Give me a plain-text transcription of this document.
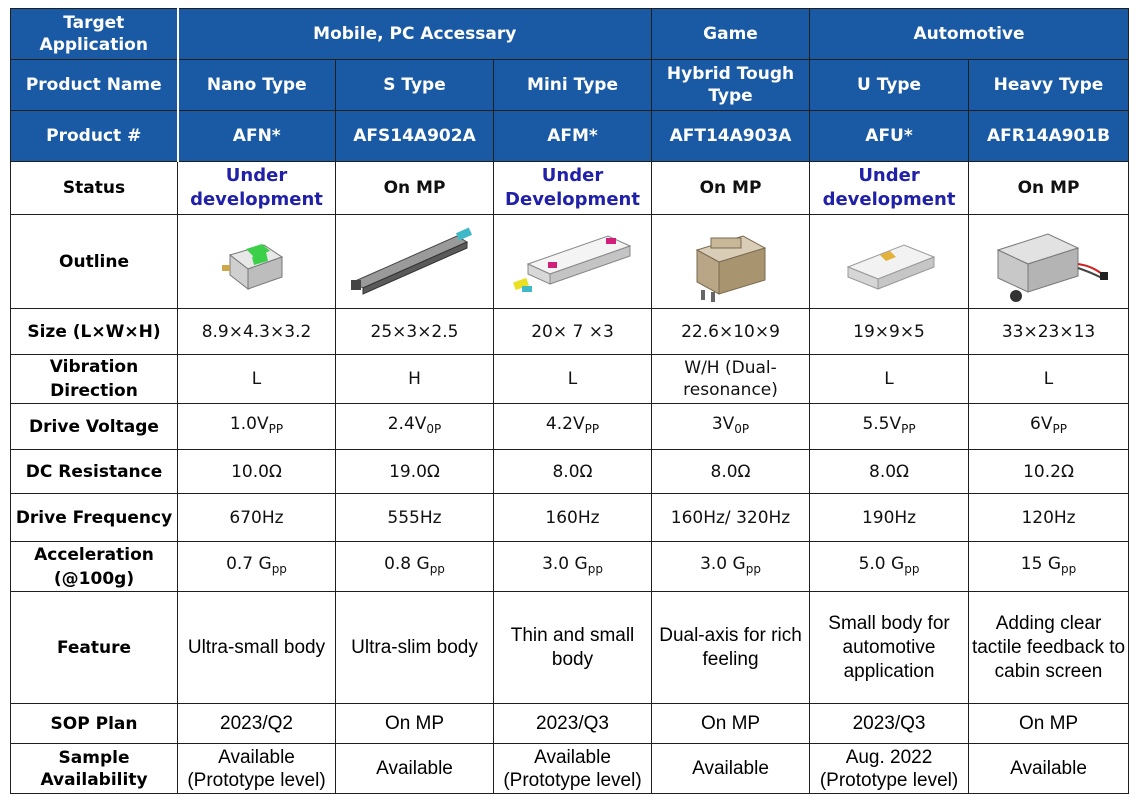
Target Application	Mobile, PC Accessary			Game	Automotive	
Product Name	Nano Type	S Type	Mini Type	Hybrid Tough Type	U Type	Heavy Type
Product #	AFN*	AFS14A902A	AFM*	AFT14A903A	AFU*	AFR14A901B
Status	Under development	On MP	Under Development	On MP	Under development	On MP
Outline	

Size (L×W×H)	8.9×4.3×3.2	25×3×2.5	20× 7 ×3	22.6×10×9	19×9×5	33×23×13
Vibration Direction	L	H	L	W/H (Dual-resonance)	L	L
Drive Voltage	$1.0V_{PP}$	$2.4V_{0P}$	$4.2V_{PP}$	$3V_{0P}$	$5.5V_{PP}$	$6V_{PP}$
DC Resistance	10.0Ω	19.0Ω	8.0Ω	8.0Ω	8.0Ω	10.2Ω
Drive Frequency	670Hz	555Hz	160Hz	160Hz/ 320Hz	190Hz	120Hz
Acceleration (@100g)	0.7 $G_{pp}$	0.8 $G_{pp}$	3.0 $G_{pp}$	3.0 $G_{pp}$	5.0 $G_{pp}$	15 $G_{pp}$
Feature	Ultra-small body	Ultra-slim body	Thin and small body	Dual-axis for rich feeling	Small body for automotive application	Adding clear tactile feedback to cabin screen
SOP Plan	2023/Q2	On MP	2023/Q3	On MP	2023/Q3	On MP
Sample Availability	Available (Prototype level)	Available	Available (Prototype level)	Available	Aug. 2022 (Prototype level)	Available
